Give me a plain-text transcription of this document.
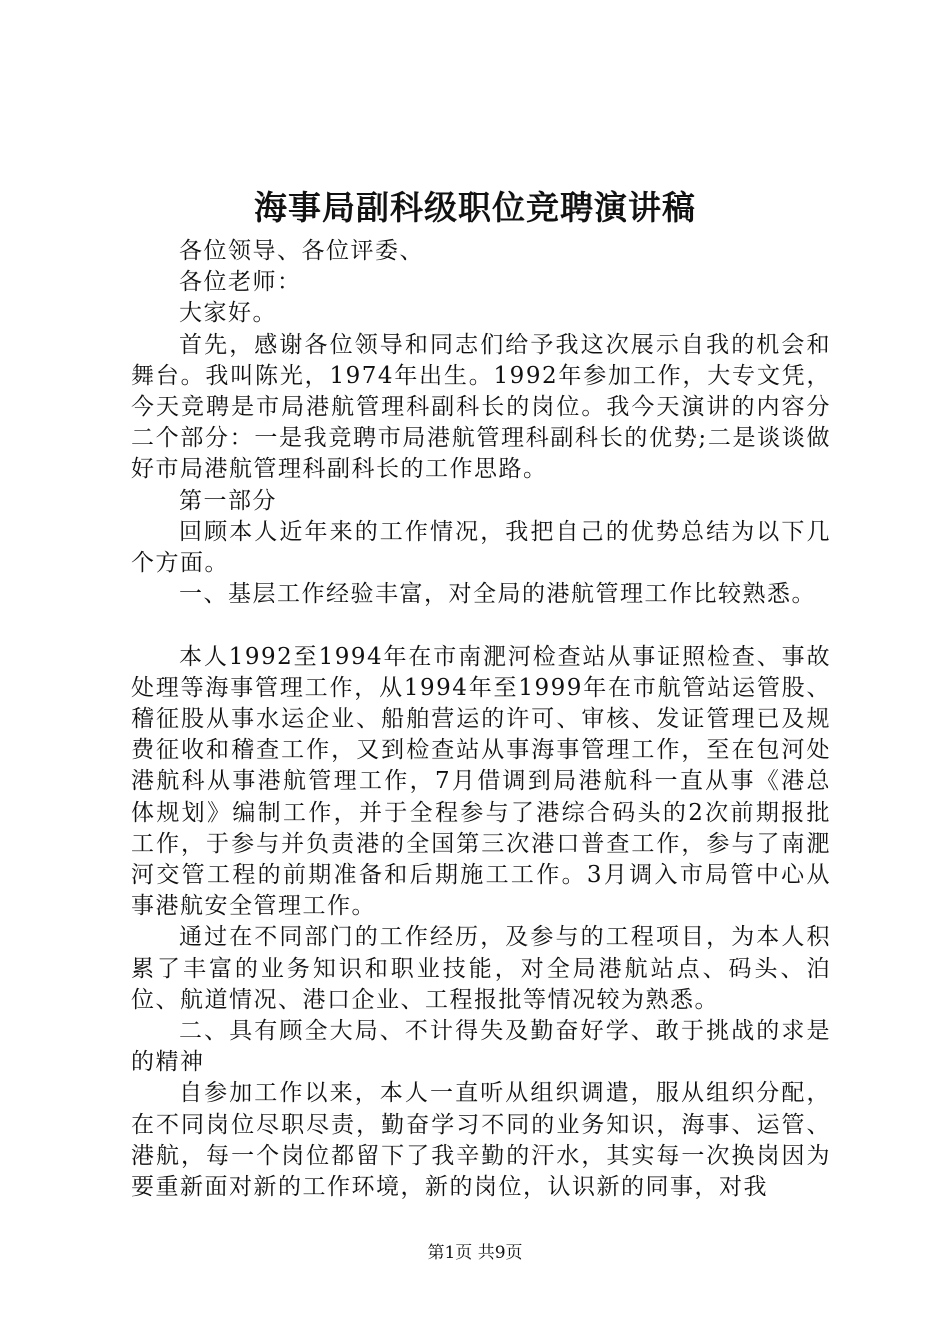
海事局副科级职位竞聘演讲稿

各位领导、各位评委、

各位老师：

大家好。

首先，感谢各位领导和同志们给予我这次展示自我的机会和舞台。我叫陈光，1974年出生。1992年参加工作，大专文凭，今天竞聘是市局港航管理科副科长的岗位。我今天演讲的内容分二个部分：一是我竞聘市局港航管理科副科长的优势;二是谈谈做好市局港航管理科副科长的工作思路。

第一部分

回顾本人近年来的工作情况，我把自己的优势总结为以下几个方面。

一、基层工作经验丰富，对全局的港航管理工作比较熟悉。

本人1992至1994年在市南淝河检查站从事证照检查、事故处理等海事管理工作，从1994年至1999年在市航管站运管股、稽征股从事水运企业、船舶营运的许可、审核、发证管理已及规费征收和稽查工作，又到检查站从事海事管理工作，至在包河处港航科从事港航管理工作，7月借调到局港航科一直从事《港总体规划》编制工作，并于全程参与了港综合码头的2次前期报批工作，于参与并负责港的全国第三次港口普查工作，参与了南淝河交管工程的前期准备和后期施工工作。3月调入市局管中心从事港航安全管理工作。

通过在不同部门的工作经历，及参与的工程项目，为本人积累了丰富的业务知识和职业技能，对全局港航站点、码头、泊位、航道情况、港口企业、工程报批等情况较为熟悉。

二、具有顾全大局、不计得失及勤奋好学、敢于挑战的求是的精神

自参加工作以来，本人一直听从组织调遣，服从组织分配，在不同岗位尽职尽责，勤奋学习不同的业务知识，海事、运管、港航，每一个岗位都留下了我辛勤的汗水，其实每一次换岗因为要重新面对新的工作环境，新的岗位，认识新的同事，对我

第1页 共9页
